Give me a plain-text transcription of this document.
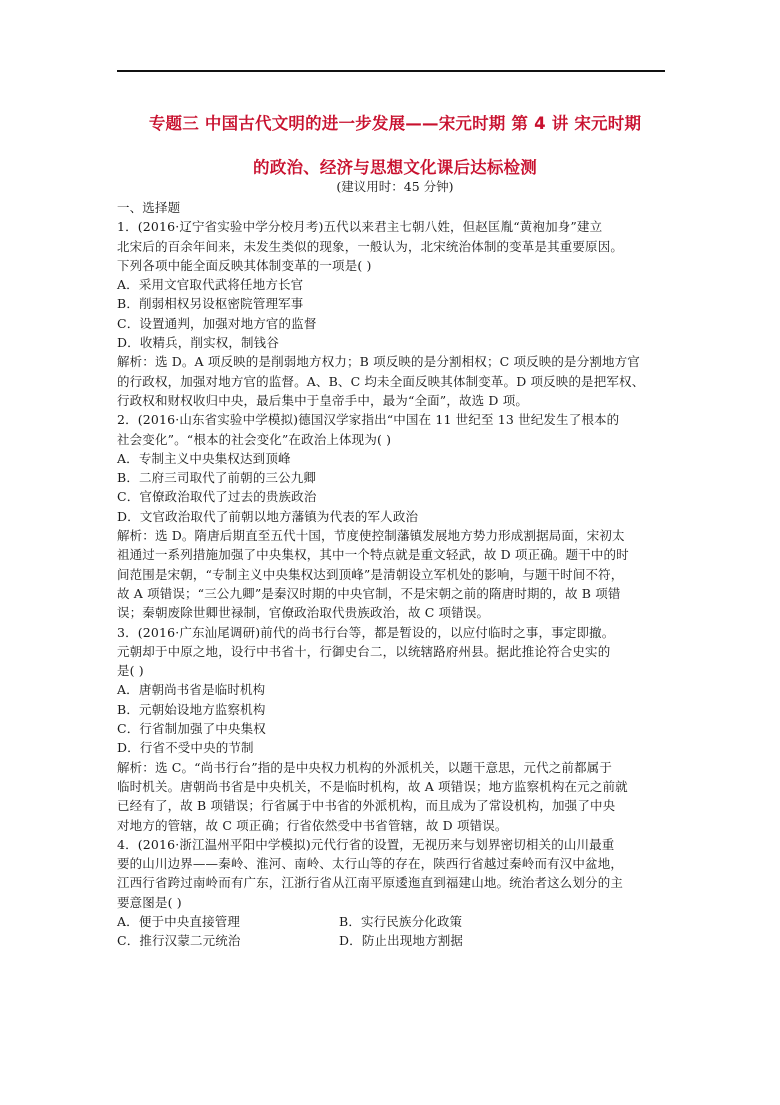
专题三 中国古代文明的进一步发展——宋元时期 第 4 讲 宋元时期
的政治、经济与思想文化课后达标检测
(建议用时：45 分钟)

一、选择题

1．(2016·辽宁省实验中学分校月考)五代以来君主七朝八姓，但赵匡胤“黄袍加身”建立

北宋后的百余年间来，未发生类似的现象，一般认为，北宋统治体制的变革是其重要原因。

下列各项中能全面反映其体制变革的一项是( )

A．采用文官取代武将任地方长官

B．削弱相权另设枢密院管理军事

C．设置通判，加强对地方官的监督

D．收精兵，削实权，制钱谷

解析：选 D。A 项反映的是削弱地方权力；B 项反映的是分割相权；C 项反映的是分割地方官

的行政权，加强对地方官的监督。A、B、C 均未全面反映其体制变革。D 项反映的是把军权、

行政权和财权收归中央，最后集中于皇帝手中，最为“全面”，故选 D 项。

2．(2016·山东省实验中学模拟)德国汉学家指出“中国在 11 世纪至 13 世纪发生了根本的

社会变化”。“根本的社会变化”在政治上体现为( )

A．专制主义中央集权达到顶峰

B．二府三司取代了前朝的三公九卿

C．官僚政治取代了过去的贵族政治

D．文官政治取代了前朝以地方藩镇为代表的军人政治

解析：选 D。隋唐后期直至五代十国，节度使控制藩镇发展地方势力形成割据局面，宋初太

祖通过一系列措施加强了中央集权，其中一个特点就是重文轻武，故 D 项正确。题干中的时

间范围是宋朝，“专制主义中央集权达到顶峰”是清朝设立军机处的影响，与题干时间不符，

故 A 项错误；“三公九卿”是秦汉时期的中央官制，不是宋朝之前的隋唐时期的，故 B 项错

误；秦朝废除世卿世禄制，官僚政治取代贵族政治，故 C 项错误。

3．(2016·广东汕尾调研)前代的尚书行台等，都是暂设的，以应付临时之事，事定即撤。

元朝却于中原之地，设行中书省十，行御史台二，以统辖路府州县。据此推论符合史实的

是( )

A．唐朝尚书省是临时机构

B．元朝始设地方监察机构

C．行省制加强了中央集权

D．行省不受中央的节制

解析：选 C。“尚书行台”指的是中央权力机构的外派机关，以题干意思，元代之前都属于

临时机关。唐朝尚书省是中央机关，不是临时机构，故 A 项错误；地方监察机构在元之前就

已经有了，故 B 项错误；行省属于中书省的外派机构，而且成为了常设机构，加强了中央

对地方的管辖，故 C 项正确；行省依然受中书省管辖，故 D 项错误。

4．(2016·浙江温州平阳中学模拟)元代行省的设置，无视历来与划界密切相关的山川最重

要的山川边界——秦岭、淮河、南岭、太行山等的存在，陕西行省越过秦岭而有汉中盆地，

江西行省跨过南岭而有广东，江浙行省从江南平原逶迤直到福建山地。统治者这么划分的主

要意图是( )

A．便于中央直接管理	B．实行民族分化政策
C．推行汉蒙二元统治	D．防止出现地方割据
